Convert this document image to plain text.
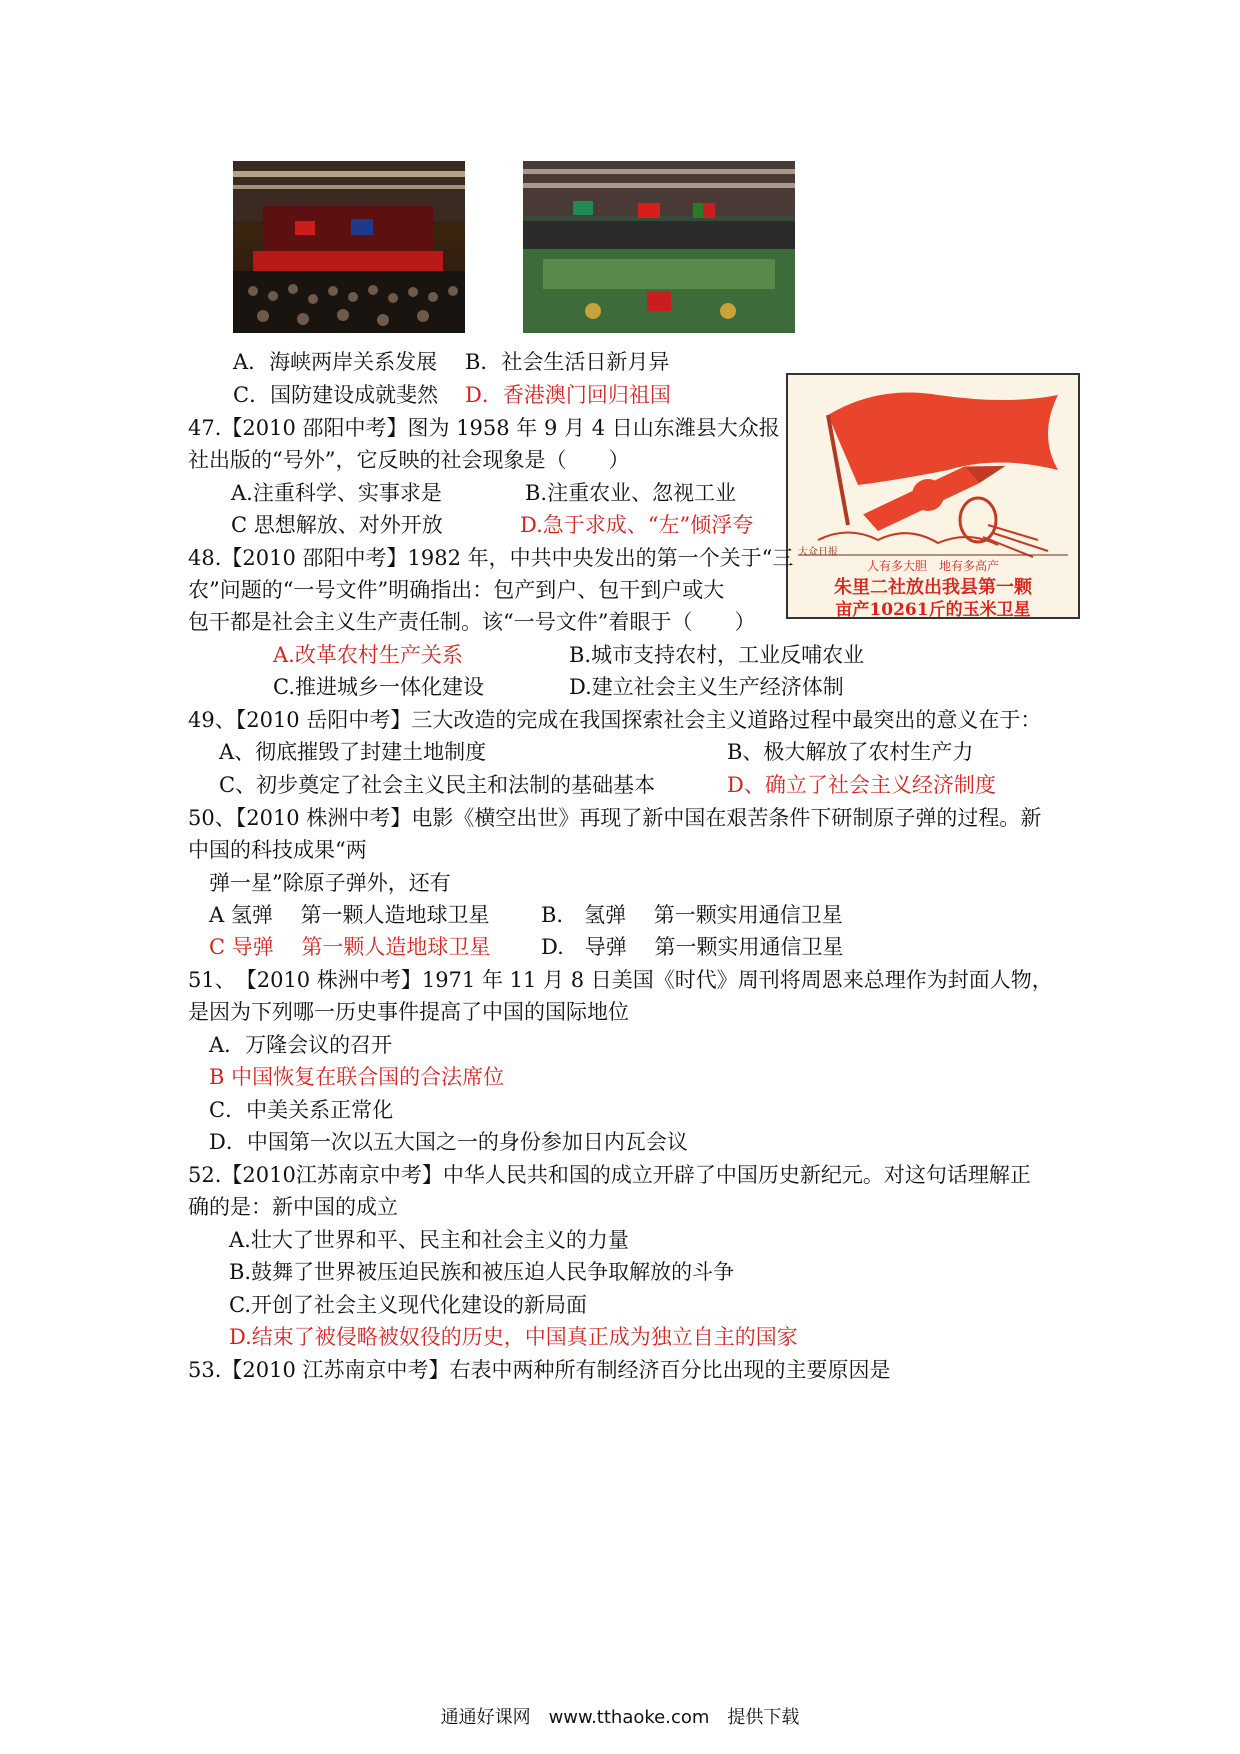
A．海峡两岸关系发展 B．社会生活日新月异
C．国防建设成就斐然 D．香港澳门回归祖国
大众日报
人有多大胆　地有多高产
朱里二社放出我县第一颗
亩产10261斤的玉米卫星
47.【2010 邵阳中考】图为 1958 年 9 月 4 日山东潍县大众报
社出版的“号外”，它反映的社会现象是（　　）
A.注重科学、实事求是	B.注重农业、忽视工业
C 思想解放、对外开放	D.急于求成、“左”倾浮夸
48.【2010 邵阳中考】1982 年，中共中央发出的第一个关于“三
农”问题的“一号文件”明确指出：包产到户、包干到户或大
包干都是社会主义生产责任制。该“一号文件”着眼于（　　）
A.改革农村生产关系	B.城市支持农村，工业反哺农业
C.推进城乡一体化建设	D.建立社会主义生产经济体制
49、【2010 岳阳中考】三大改造的完成在我国探索社会主义道路过程中最突出的意义在于：
A、彻底摧毁了封建土地制度	B、极大解放了农村生产力
C、初步奠定了社会主义民主和法制的基础基本	D、确立了社会主义经济制度
50、【2010 株洲中考】电影《横空出世》再现了新中国在艰苦条件下研制原子弹的过程。新
中国的科技成果“两
弹一星”除原子弹外，还有
A 氢弹　 第一颗人造地球卫星 B.　氢弹　 第一颗实用通信卫星
C 导弹　 第一颗人造地球卫星 D.　导弹　 第一颗实用通信卫星
51、　【2010 株洲中考】1971 年 11 月 8 日美国《时代》周刊将周恩来总理作为封面人物，
是因为下列哪一历史事件提高了中国的国际地位
A．万隆会议的召开
B 中国恢复在联合国的合法席位
C．中美关系正常化
D．中国第一次以五大国之一的身份参加日内瓦会议
52.【2010江苏南京中考】中华人民共和国的成立开辟了中国历史新纪元。对这句话理解正
确的是：新中国的成立
A.壮大了世界和平、民主和社会主义的力量
B.鼓舞了世界被压迫民族和被压迫人民争取解放的斗争
C.开创了社会主义现代化建设的新局面
D.结束了被侵略被奴役的历史，中国真正成为独立自主的国家
53.【2010 江苏南京中考】右表中两种所有制经济百分比出现的主要原因是
通通好课网　www.tthaoke.com　提供下载
